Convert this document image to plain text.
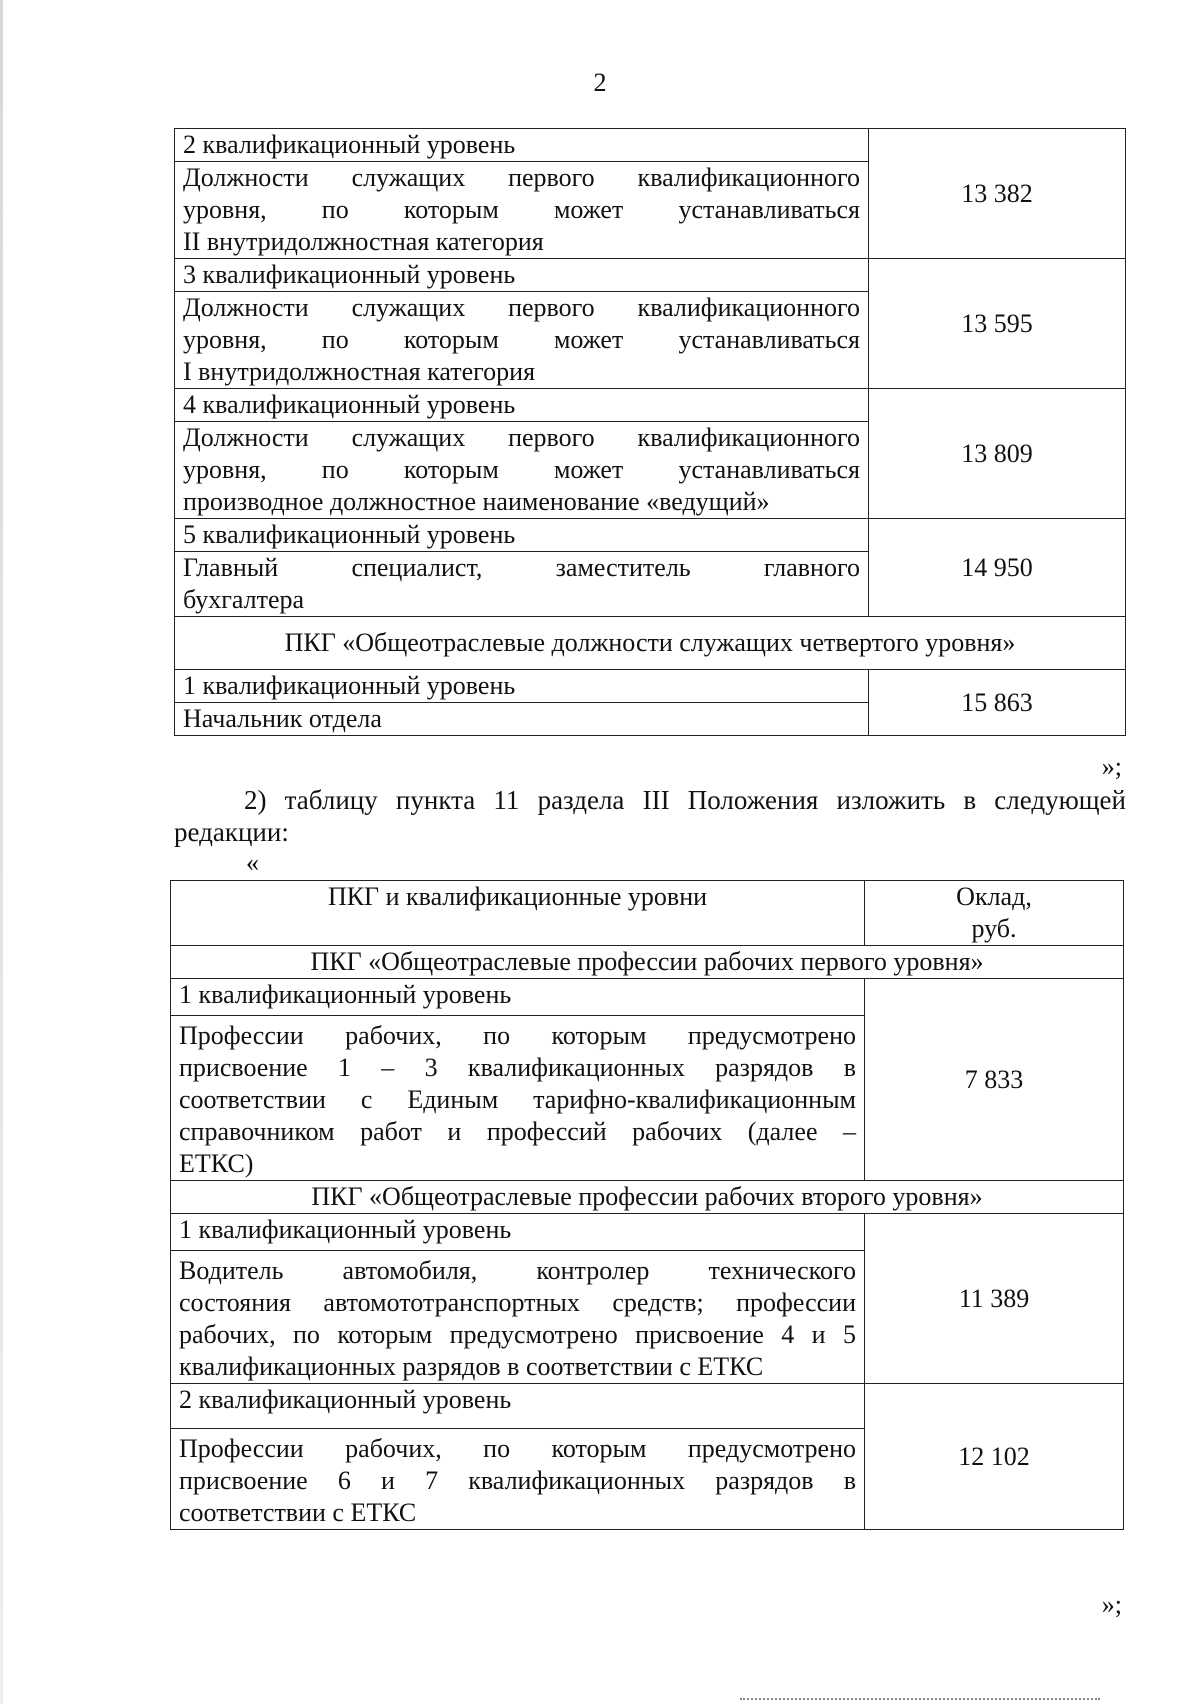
2
2 квалификационный уровень	13 382

Должности служащих первого квалификационного
уровня, по которым может устанавливаться
II внутридолжностная категория	

3 квалификационный уровень	13 595

Должности служащих первого квалификационного
уровня, по которым может устанавливаться
I внутридолжностная категория	

4 квалификационный уровень	13 809

Должности служащих первого квалификационного
уровня, по которым может устанавливаться
производное должностное наименование «ведущий»	

5 квалификационный уровень	14 950

Главный специалист, заместитель главного
бухгалтера	

ПКГ «Общеотраслевые должности служащих четвертого уровня»	
1 квалификационный уровень	15 863
Начальник отдела	
»;
2) таблицу пункта 11 раздела III Положения изложить в следующей редакции:
«
ПКГ и квалификационные уровни	Оклад,
руб.

ПКГ «Общеотраслевые профессии рабочих первого уровня»	
1 квалификационный уровень	7 833

Профессии рабочих, по которым предусмотрено
присвоение 1 – 3 квалификационных разрядов в
соответствии с Единым тарифно-квалификационным
справочником работ и профессий рабочих (далее –
ЕТКС)	

ПКГ «Общеотраслевые профессии рабочих второго уровня»	
1 квалификационный уровень	11 389

Водитель автомобиля, контролер технического
состояния автомототранспортных средств; профессии
рабочих, по которым предусмотрено присвоение 4 и 5
квалификационных разрядов в соответствии с ЕТКС	

2 квалификационный уровень	12 102

Профессии рабочих, по которым предусмотрено
присвоение 6 и 7 квалификационных разрядов в
соответствии с ЕТКС	
»;
